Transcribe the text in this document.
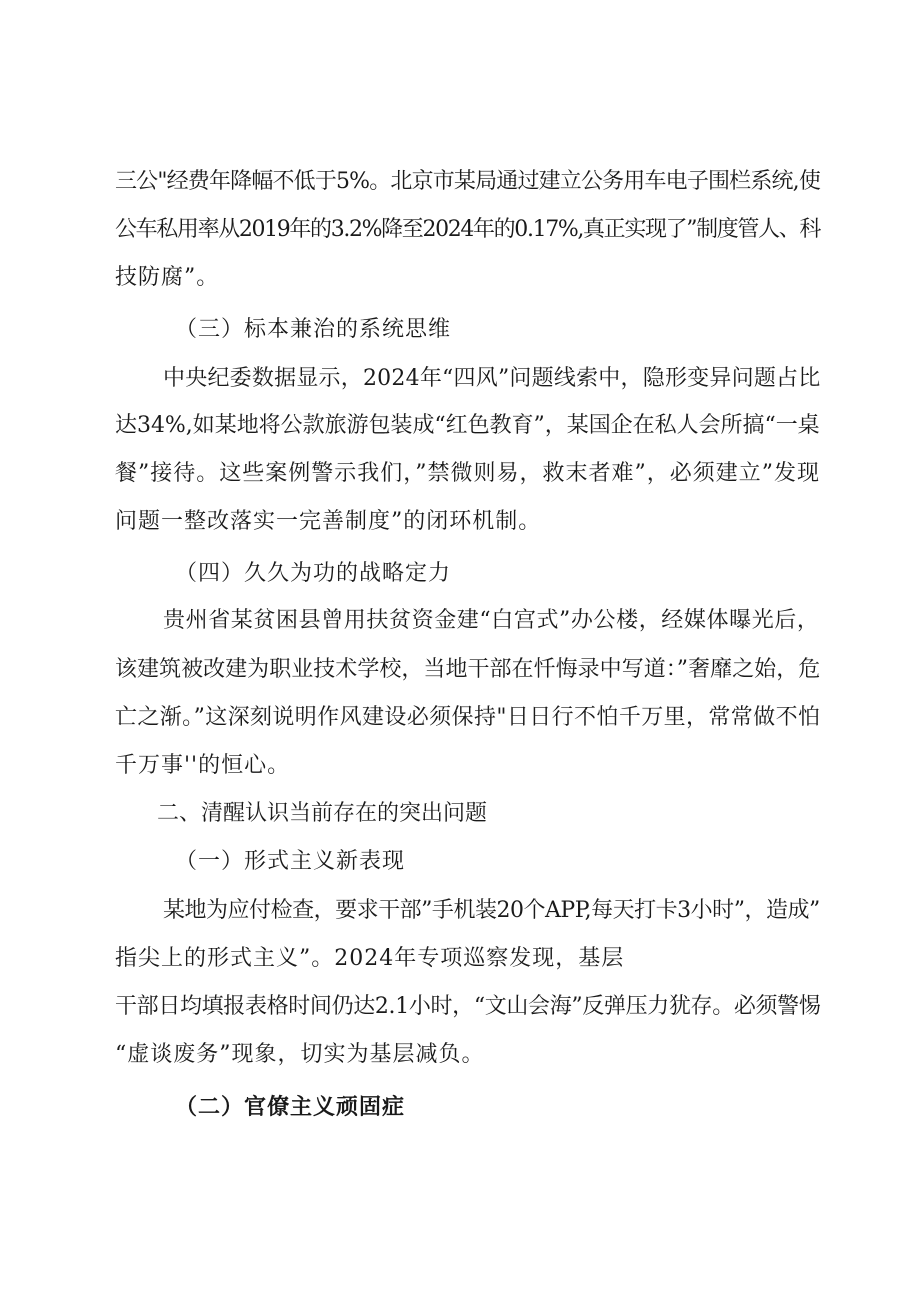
三公"经费年降幅不低于5%。北京市某局通过建立公务用车电子围栏系统,使
公车私用率从2019年的3.2%降至2024年的0.17%,真正实现了”制度管人、科
技防腐”。
（三）标本兼治的系统思维
中央纪委数据显示，2024年“四风”问题线索中，隐形变异问题占比
达34%,如某地将公款旅游包装成“红色教育”，某国企在私人会所搞“一桌
餐”接待。这些案例警示我们，”禁微则易，救末者难”，必须建立”发现
问题一整改落实一完善制度”的闭环机制。
（四）久久为功的战略定力
贵州省某贫困县曾用扶贫资金建“白宫式”办公楼，经媒体曝光后，
该建筑被改建为职业技术学校，当地干部在忏悔录中写道：”奢靡之始，危
亡之渐。”这深刻说明作风建设必须保持"日日行不怕千万里，常常做不怕
千万事''的恒心。
二、清醒认识当前存在的突出问题
（一）形式主义新表现
某地为应付检查，要求干部”手机装20个APP,每天打卡3小时”，造成”
指尖上的形式主义”。2024年专项巡察发现，基层
干部日均填报表格时间仍达2.1小时，“文山会海”反弹压力犹存。必须警惕
“虚谈废务”现象，切实为基层减负。
（二）官僚主义顽固症
